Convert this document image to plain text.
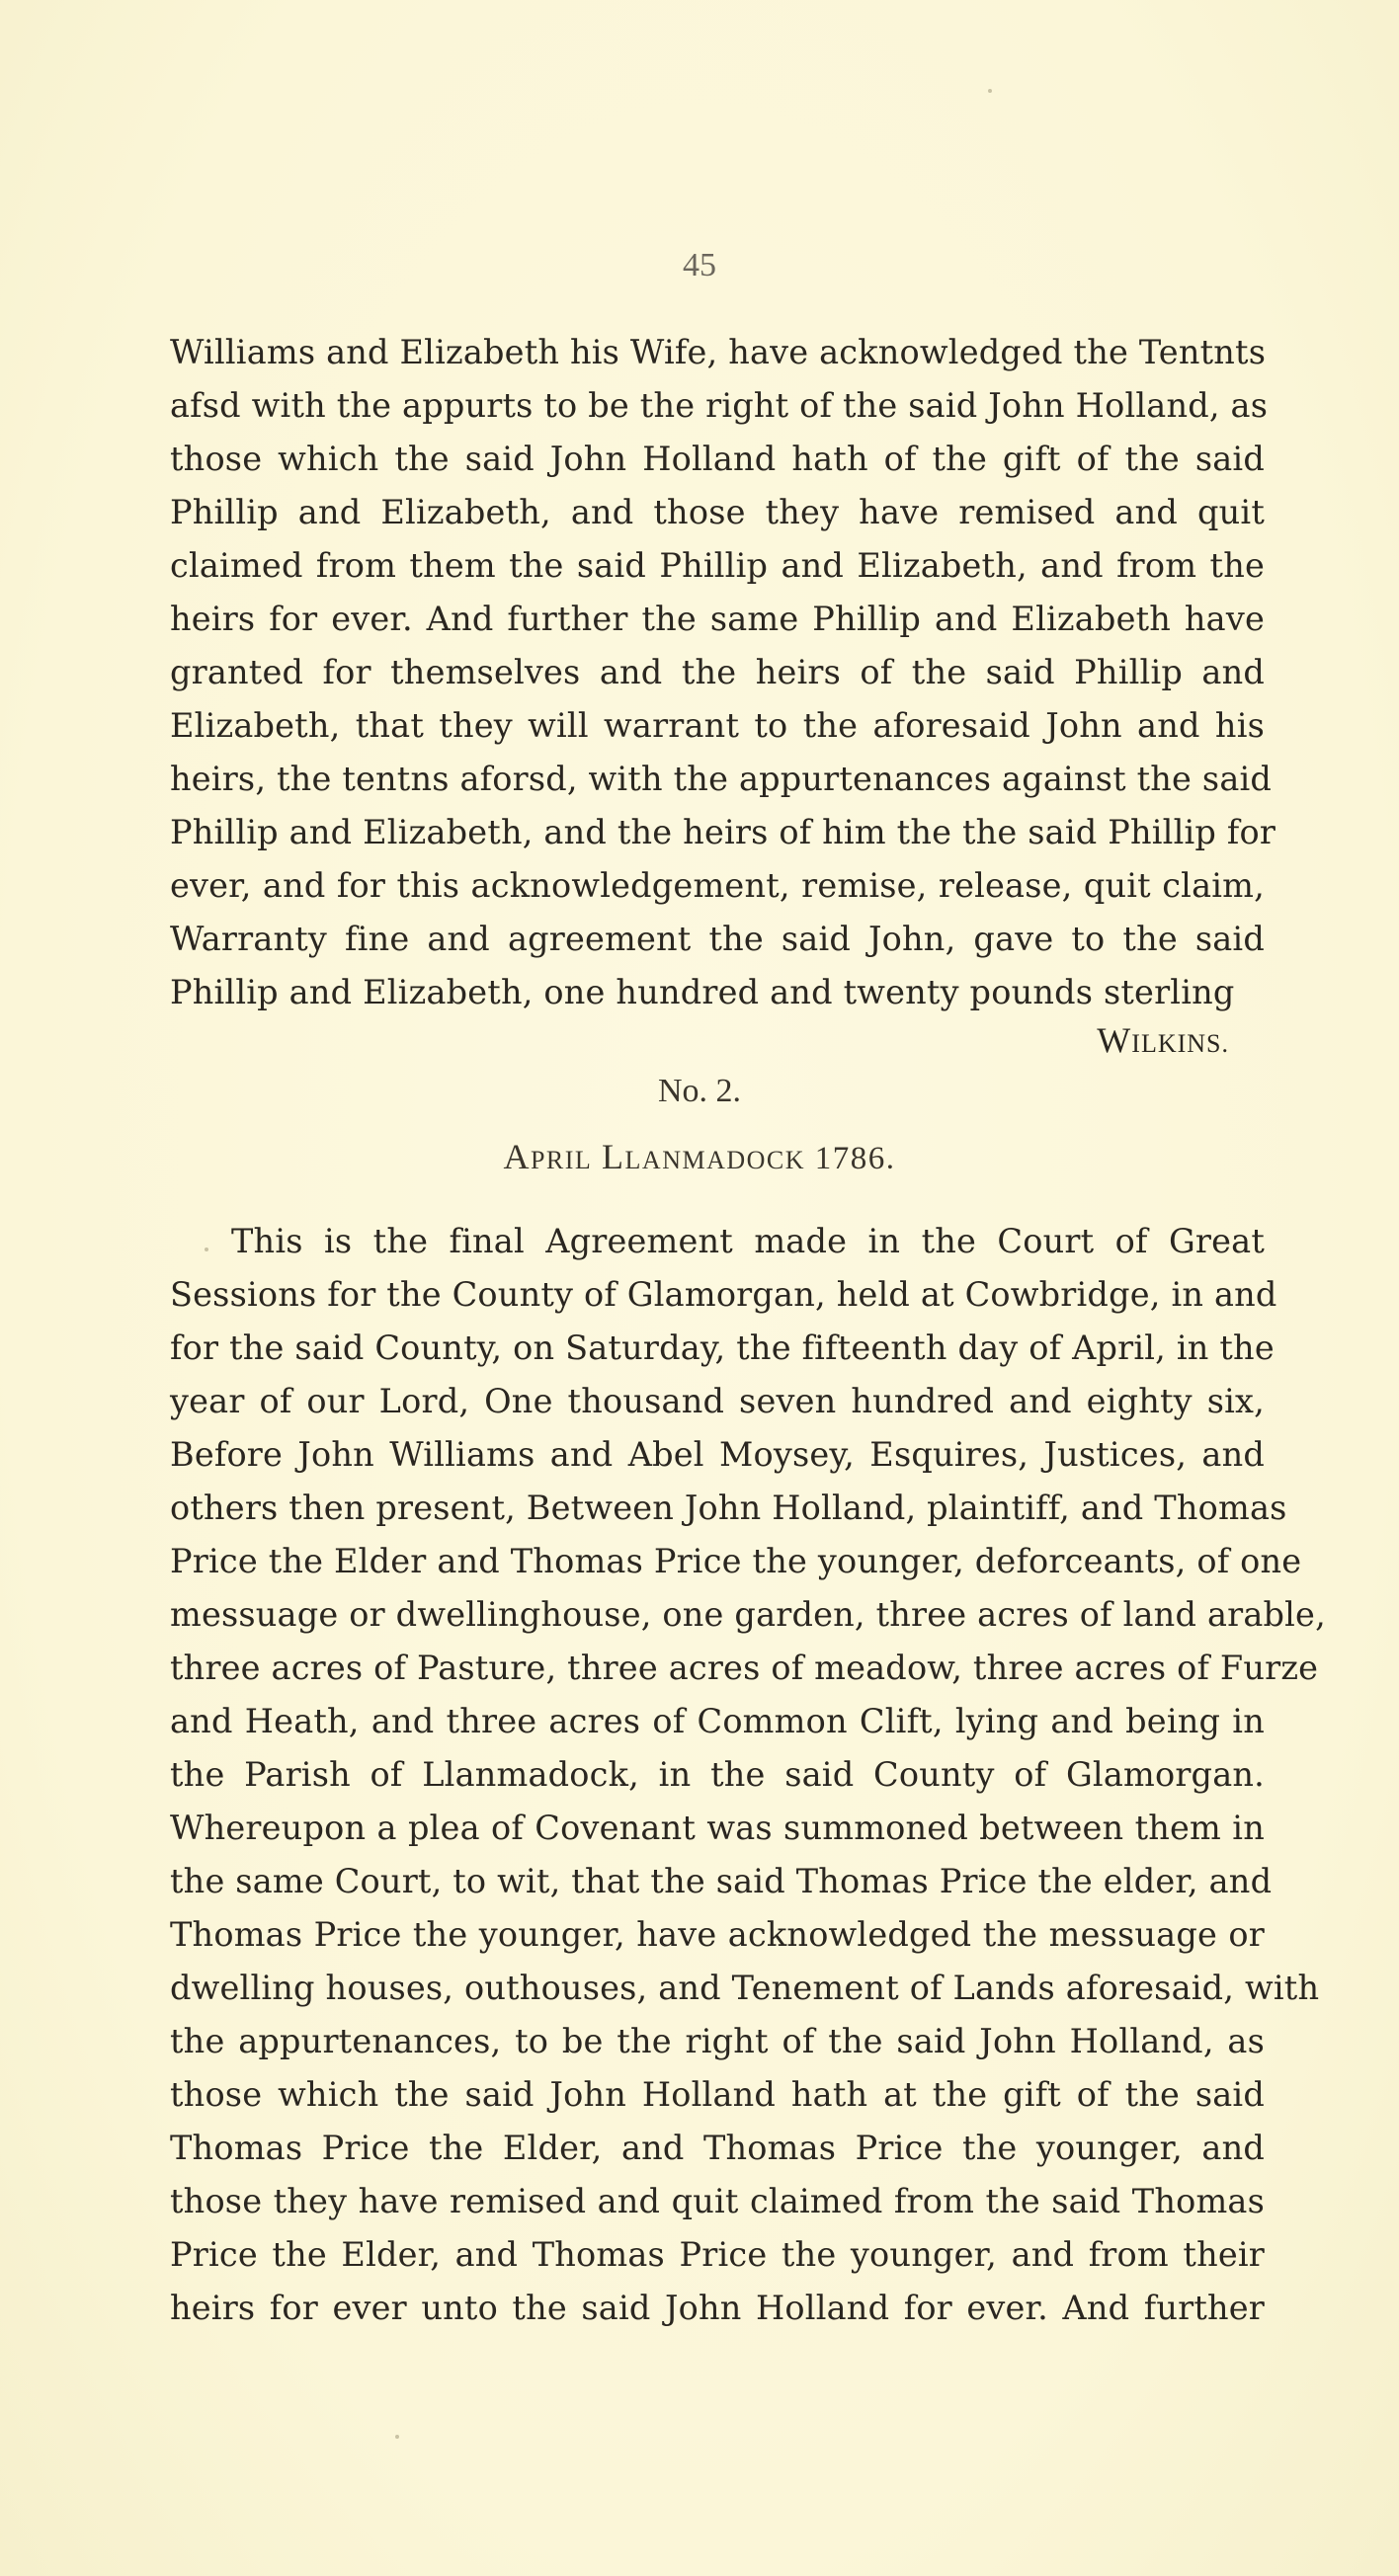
45
Williams and Elizabeth his Wife, have acknowledged the Tentnts
afsd with the appurts to be the right of the said John Holland, as
those which the said John Holland hath of the gift of the said
Phillip and Elizabeth, and those they have remised and quit
claimed from them the said Phillip and Elizabeth, and from the
heirs for ever. And further the same Phillip and Elizabeth have
granted for themselves and the heirs of the said Phillip and
Elizabeth, that they will warrant to the aforesaid John and his
heirs, the tentns aforsd, with the appurtenances against the said
Phillip and Elizabeth, and the heirs of him the the said Phillip for
ever, and for this acknowledgement, remise, release, quit claim,
Warranty fine and agreement the said John, gave to the said
Phillip and Elizabeth, one hundred and twenty pounds sterling
WILKINS.
No. 2.
APRIL LLANMADOCK 1786.
This is the final Agreement made in the Court of Great
Sessions for the County of Glamorgan, held at Cowbridge, in and
for the said County, on Saturday, the fifteenth day of April, in the
year of our Lord, One thousand seven hundred and eighty six,
Before John Williams and Abel Moysey, Esquires, Justices, and
others then present, Between John Holland, plaintiff, and Thomas
Price the Elder and Thomas Price the younger, deforceants, of one
messuage or dwellinghouse, one garden, three acres of land arable,
three acres of Pasture, three acres of meadow, three acres of Furze
and Heath, and three acres of Common Clift, lying and being in
the Parish of Llanmadock, in the said County of Glamorgan.
Whereupon a plea of Covenant was summoned between them in
the same Court, to wit, that the said Thomas Price the elder, and
Thomas Price the younger, have acknowledged the messuage or
dwelling houses, outhouses, and Tenement of Lands aforesaid, with
the appurtenances, to be the right of the said John Holland, as
those which the said John Holland hath at the gift of the said
Thomas Price the Elder, and Thomas Price the younger, and
those they have remised and quit claimed from the said Thomas
Price the Elder, and Thomas Price the younger, and from their
heirs for ever unto the said John Holland for ever. And further
